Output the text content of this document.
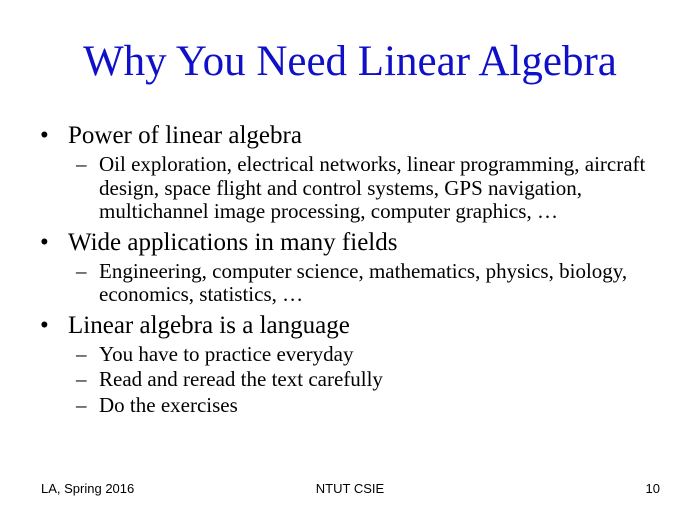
Why You Need Linear Algebra
• Power of linear algebra
– Oil exploration, electrical networks, linear programming, aircraft design, space flight and control systems, GPS navigation, multichannel image processing, computer graphics, …
• Wide applications in many fields
– Engineering, computer science, mathematics, physics, biology, economics, statistics, …
• Linear algebra is a language
– You have to practice everyday
– Read and reread the text carefully
– Do the exercises
LA, Spring 2016	NTUT CSIE	10
